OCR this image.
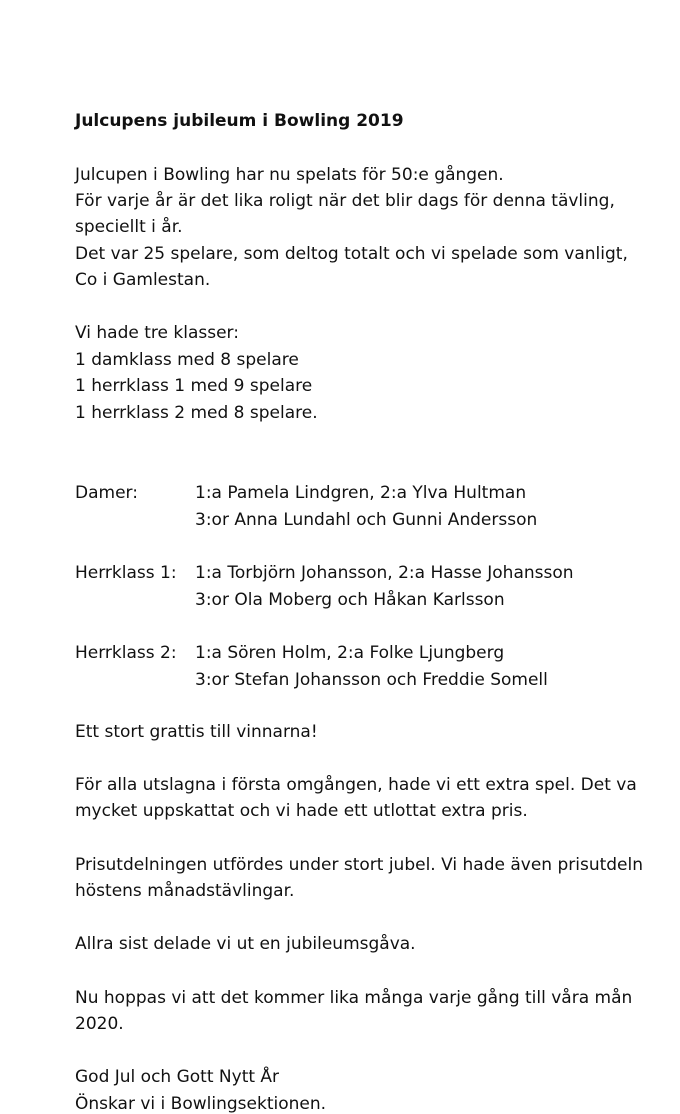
Julcupens jubileum i Bowling 2019
Julcupen i Bowling har nu spelats för 50:e gången.
För varje år är det lika roligt när det blir dags för denna tävling,
speciellt i år.
Det var 25 spelare, som deltog totalt och vi spelade som vanligt,
Co i Gamlestan.
Vi hade tre klasser:
1 damklass med 8 spelare
1 herrklass 1 med 9 spelare
1 herrklass 2 med 8 spelare.
Damer:	1:a Pamela Lindgren, 2:a Ylva Hultman
3:or Anna Lundahl och Gunni Andersson
Herrklass 1: 1:a Torbjörn Johansson, 2:a Hasse Johansson
3:or Ola Moberg och Håkan Karlsson
Herrklass 2: 1:a Sören Holm, 2:a Folke Ljungberg
3:or Stefan Johansson och Freddie Somell
Ett stort grattis till vinnarna!
För alla utslagna i första omgången, hade vi ett extra spel. Det va
mycket uppskattat och vi hade ett utlottat extra pris.
Prisutdelningen utfördes under stort jubel. Vi hade även prisutdeln
höstens månadstävlingar.
Allra sist delade vi ut en jubileumsgåva.
Nu hoppas vi att det kommer lika många varje gång till våra mån
2020.
God Jul och Gott Nytt År
Önskar vi i Bowlingsektionen.
